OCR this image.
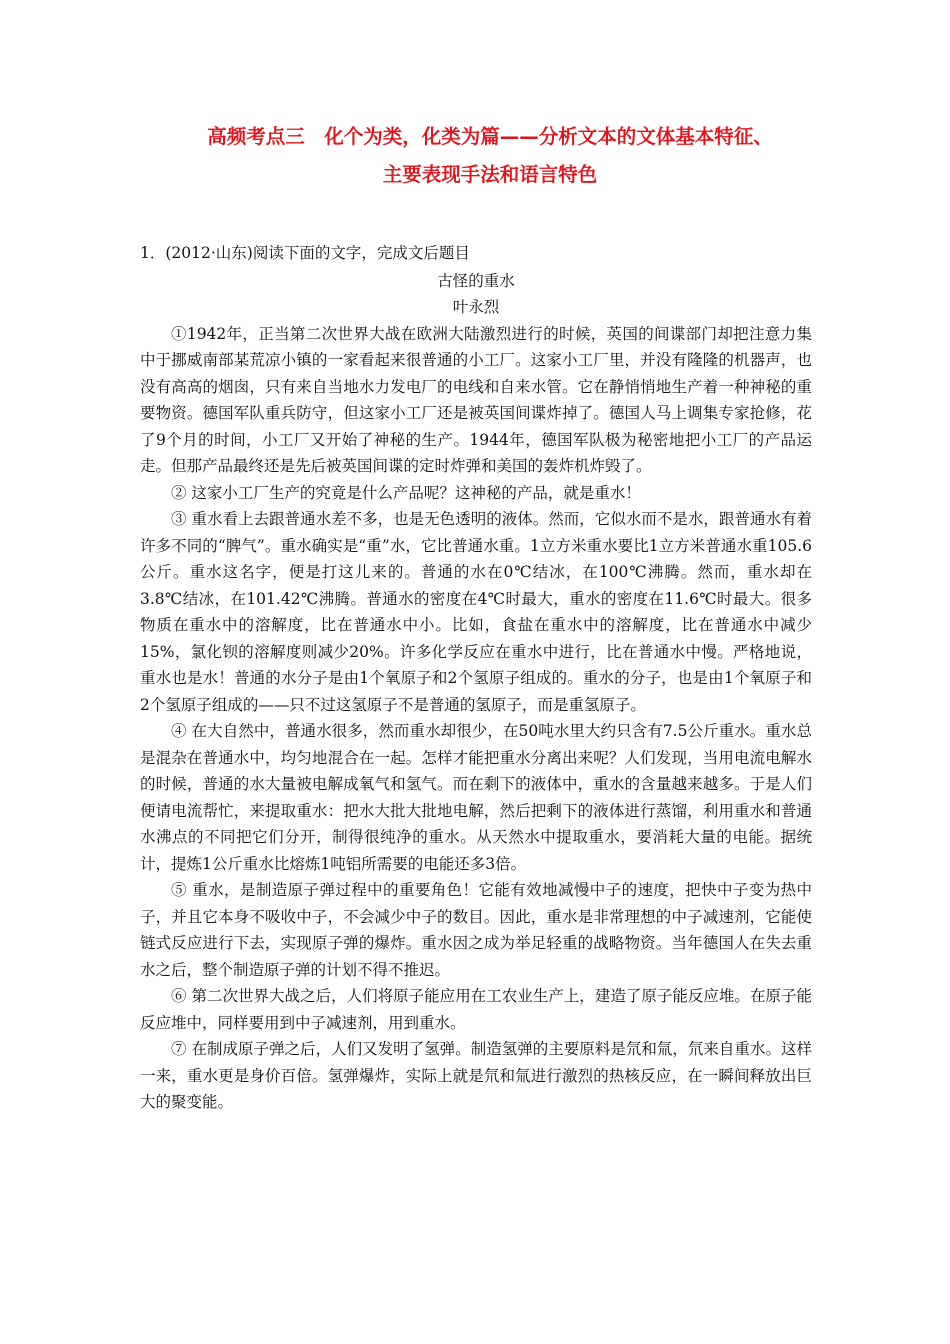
高频考点三　化个为类，化类为篇——分析文本的文体基本特征、
主要表现手法和语言特色

1．(2012·山东)阅读下面的文字，完成文后题目

古怪的重水

叶永烈

①1942年，正当第二次世界大战在欧洲大陆激烈进行的时候，英国的间谍部门却把注意力集中于挪威南部某荒凉小镇的一家看起来很普通的小工厂。这家小工厂里，并没有隆隆的机器声，也没有高高的烟囱，只有来自当地水力发电厂的电线和自来水管。它在静悄悄地生产着一种神秘的重要物资。德国军队重兵防守，但这家小工厂还是被英国间谍炸掉了。德国人马上调集专家抢修，花了9个月的时间，小工厂又开始了神秘的生产。1944年，德国军队极为秘密地把小工厂的产品运走。但那产品最终还是先后被英国间谍的定时炸弹和美国的轰炸机炸毁了。

② 这家小工厂生产的究竟是什么产品呢？这神秘的产品，就是重水！

③ 重水看上去跟普通水差不多，也是无色透明的液体。然而，它似水而不是水，跟普通水有着许多不同的“脾气”。重水确实是“重”水，它比普通水重。1立方米重水要比1立方米普通水重105.6公斤。重水这名字，便是打这儿来的。普通的水在0℃结冰，在100℃沸腾。然而，重水却在3.8℃结冰，在101.42℃沸腾。普通水的密度在4℃时最大，重水的密度在11.6℃时最大。很多物质在重水中的溶解度，比在普通水中小。比如，食盐在重水中的溶解度，比在普通水中减少15%，氯化钡的溶解度则减少20%。许多化学反应在重水中进行，比在普通水中慢。严格地说，重水也是水！普通的水分子是由1个氧原子和2个氢原子组成的。重水的分子，也是由1个氧原子和2个氢原子组成的——只不过这氢原子不是普通的氢原子，而是重氢原子。

④ 在大自然中，普通水很多，然而重水却很少，在50吨水里大约只含有7.5公斤重水。重水总是混杂在普通水中，均匀地混合在一起。怎样才能把重水分离出来呢？人们发现，当用电流电解水的时候，普通的水大量被电解成氧气和氢气。而在剩下的液体中，重水的含量越来越多。于是人们便请电流帮忙，来提取重水：把水大批大批地电解，然后把剩下的液体进行蒸馏，利用重水和普通水沸点的不同把它们分开，制得很纯净的重水。从天然水中提取重水，要消耗大量的电能。据统计，提炼1公斤重水比熔炼1吨铝所需要的电能还多3倍。

⑤ 重水，是制造原子弹过程中的重要角色！它能有效地减慢中子的速度，把快中子变为热中子，并且它本身不吸收中子，不会减少中子的数目。因此，重水是非常理想的中子减速剂，它能使链式反应进行下去，实现原子弹的爆炸。重水因之成为举足轻重的战略物资。当年德国人在失去重水之后，整个制造原子弹的计划不得不推迟。

⑥ 第二次世界大战之后，人们将原子能应用在工农业生产上，建造了原子能反应堆。在原子能反应堆中，同样要用到中子减速剂，用到重水。

⑦ 在制成原子弹之后，人们又发明了氢弹。制造氢弹的主要原料是氘和氚，氘来自重水。这样一来，重水更是身价百倍。氢弹爆炸，实际上就是氘和氚进行激烈的热核反应，在一瞬间释放出巨大的聚变能。
